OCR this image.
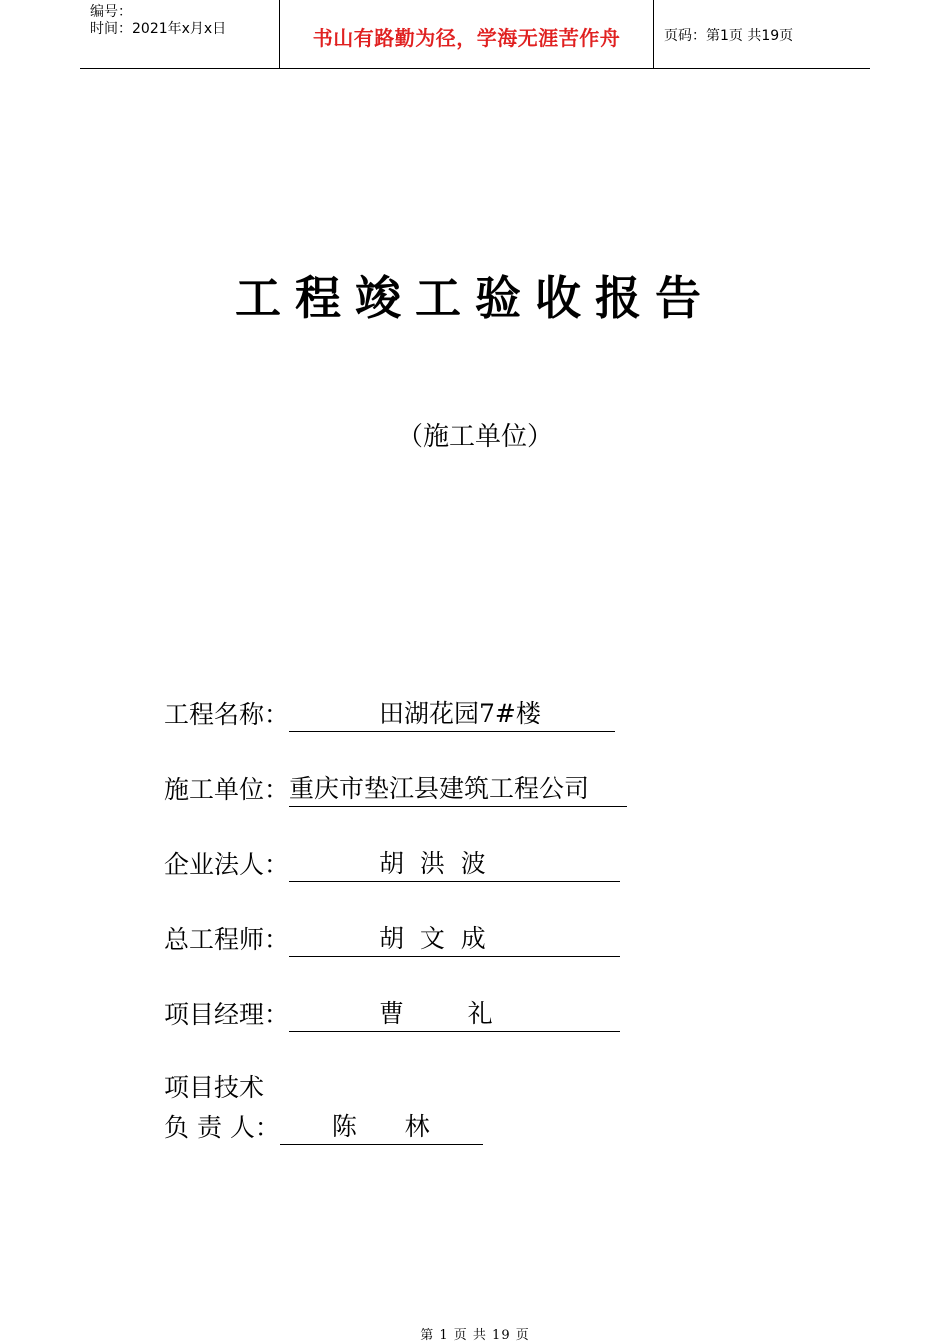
编号：
时间：2021年x月x日	书山有路勤为径，学海无涯苦作舟	页码：第1页 共19页
工程竣工验收报告
（施工单位）
工程名称：	田湖花园7#楼
施工单位：重庆市垫江县建筑工程公司
企业法人：	胡  洪  波
总工程师：	胡  文  成
项目经理：	曹        礼
项目技术
负 责 人： 陈      林
第 1 页 共 19 页
